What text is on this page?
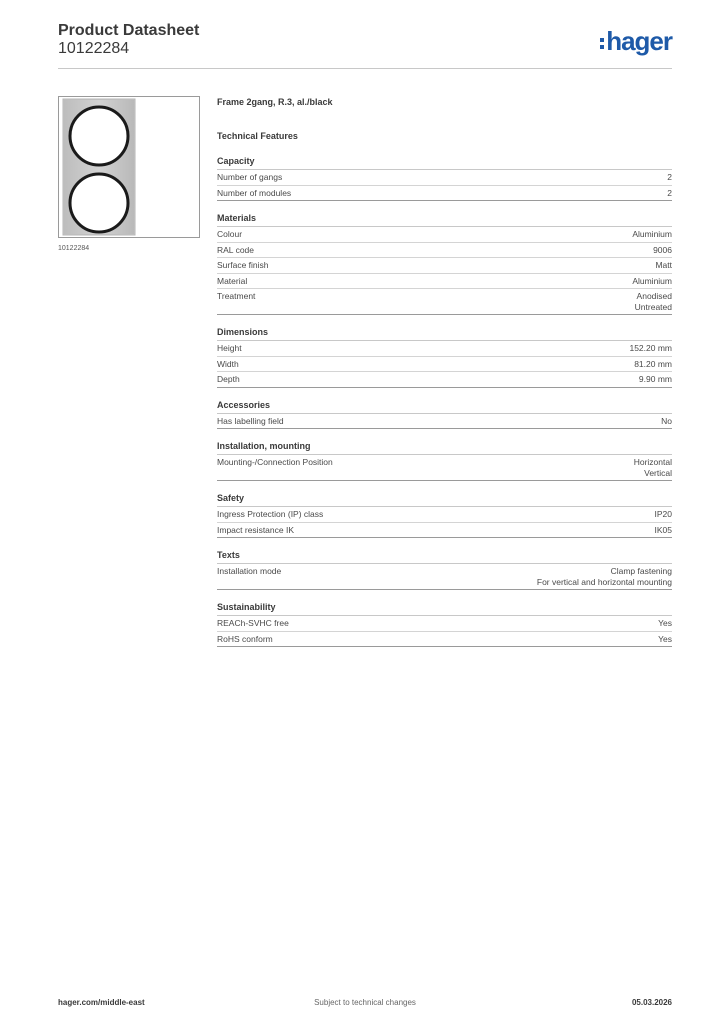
Product Datasheet
10122284	hager
10122284
Frame 2gang, R.3, al./black
Technical Features
Capacity
Number of gangs	2
Number of modules	2
Materials
Colour	Aluminium
RAL code	9006
Surface finish	Matt
Material	Aluminium
Treatment	Anodised
Untreated
Dimensions
Height	152.20 mm
Width	81.20 mm
Depth	9.90 mm
Accessories
Has labelling field	No
Installation, mounting
Mounting-/Connection Position	Horizontal
Vertical
Safety
Ingress Protection (IP) class	IP20
Impact resistance IK	IK05
Texts
Installation mode	Clamp fastening
For vertical and horizontal mounting
Sustainability
REACh-SVHC free	Yes
RoHS conform	Yes
hager.com/middle-east	Subject to technical changes	05.03.2026
